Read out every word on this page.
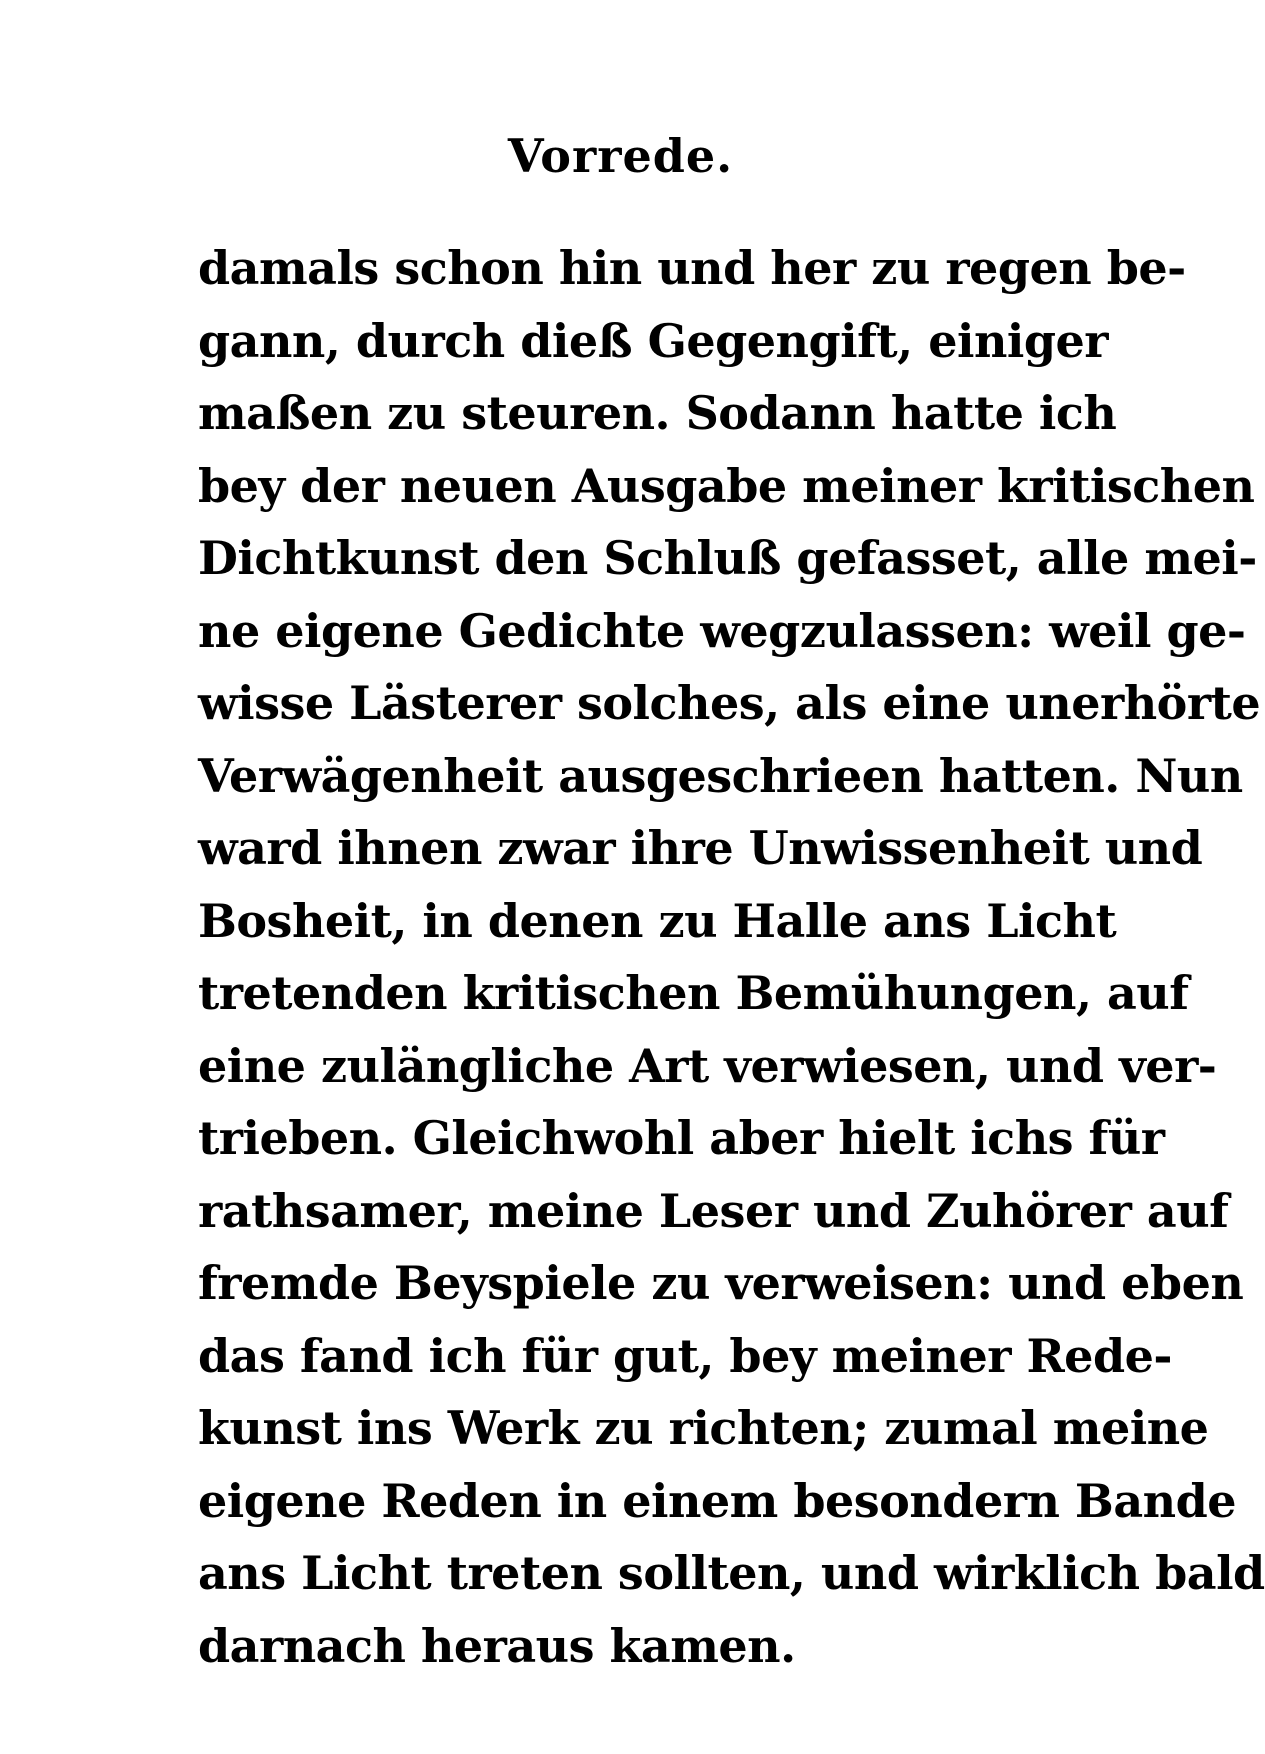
Vorrede.
damals schon hin und her zu regen be-
gann, durch dieß Gegengift, einiger
maßen zu steuren. Sodann hatte ich
bey der neuen Ausgabe meiner kritischen
Dichtkunst den Schluß gefasset, alle mei-
ne eigene Gedichte wegzulassen: weil ge-
wisse Lästerer solches, als eine unerhörte
Verwägenheit ausgeschrieen hatten. Nun
ward ihnen zwar ihre Unwissenheit und
Bosheit, in denen zu Halle ans Licht
tretenden kritischen Bemühungen, auf
eine zulängliche Art verwiesen, und ver-
trieben. Gleichwohl aber hielt ichs für
rathsamer, meine Leser und Zuhörer auf
fremde Beyspiele zu verweisen: und eben
das fand ich für gut, bey meiner Rede-
kunst ins Werk zu richten; zumal meine
eigene Reden in einem besondern Bande
ans Licht treten sollten, und wirklich bald
darnach heraus kamen.
